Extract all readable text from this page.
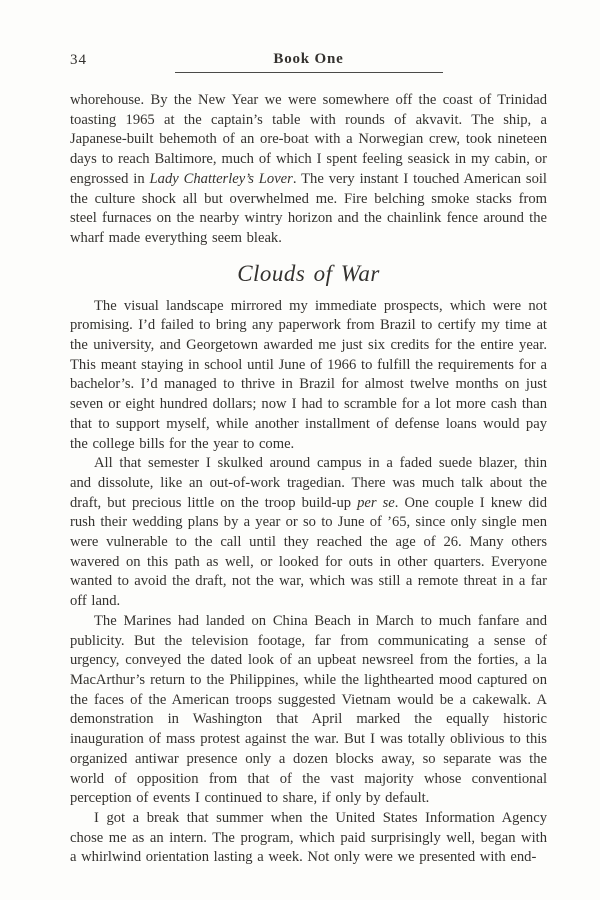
34	Book One

whorehouse. By the New Year we were somewhere off the coast of Trinidad toasting 1965 at the captain’s table with rounds of akvavit. The ship, a Japanese-built behemoth of an ore-boat with a Norwegian crew, took nineteen days to reach Baltimore, much of which I spent feeling seasick in my cabin, or engrossed in Lady Chatterley’s Lover. The very instant I touched American soil the culture shock all but overwhelmed me. Fire belching smoke stacks from steel furnaces on the nearby wintry horizon and the chainlink fence around the wharf made everything seem bleak.

Clouds of War

The visual landscape mirrored my immediate prospects, which were not promising. I’d failed to bring any paperwork from Brazil to certify my time at the university, and Georgetown awarded me just six credits for the entire year. This meant staying in school until June of 1966 to fulfill the requirements for a bachelor’s. I’d managed to thrive in Brazil for almost twelve months on just seven or eight hundred dollars; now I had to scramble for a lot more cash than that to support myself, while another installment of defense loans would pay the college bills for the year to come.

All that semester I skulked around campus in a faded suede blazer, thin and dissolute, like an out-of-work tragedian. There was much talk about the draft, but precious little on the troop build-up per se. One couple I knew did rush their wedding plans by a year or so to June of ’65, since only single men were vulnerable to the call until they reached the age of 26. Many others wavered on this path as well, or looked for outs in other quarters. Everyone wanted to avoid the draft, not the war, which was still a remote threat in a far off land.

The Marines had landed on China Beach in March to much fanfare and publicity. But the television footage, far from communicating a sense of urgency, conveyed the dated look of an upbeat newsreel from the forties, a la MacArthur’s return to the Philippines, while the lighthearted mood captured on the faces of the American troops suggested Vietnam would be a cakewalk. A demonstration in Washington that April marked the equally historic inauguration of mass protest against the war. But I was totally oblivious to this organized antiwar presence only a dozen blocks away, so separate was the world of opposition from that of the vast majority whose conventional perception of events I continued to share, if only by default.

I got a break that summer when the United States Information Agency chose me as an intern. The program, which paid surprisingly well, began with a whirlwind orientation lasting a week. Not only were we presented with end-
